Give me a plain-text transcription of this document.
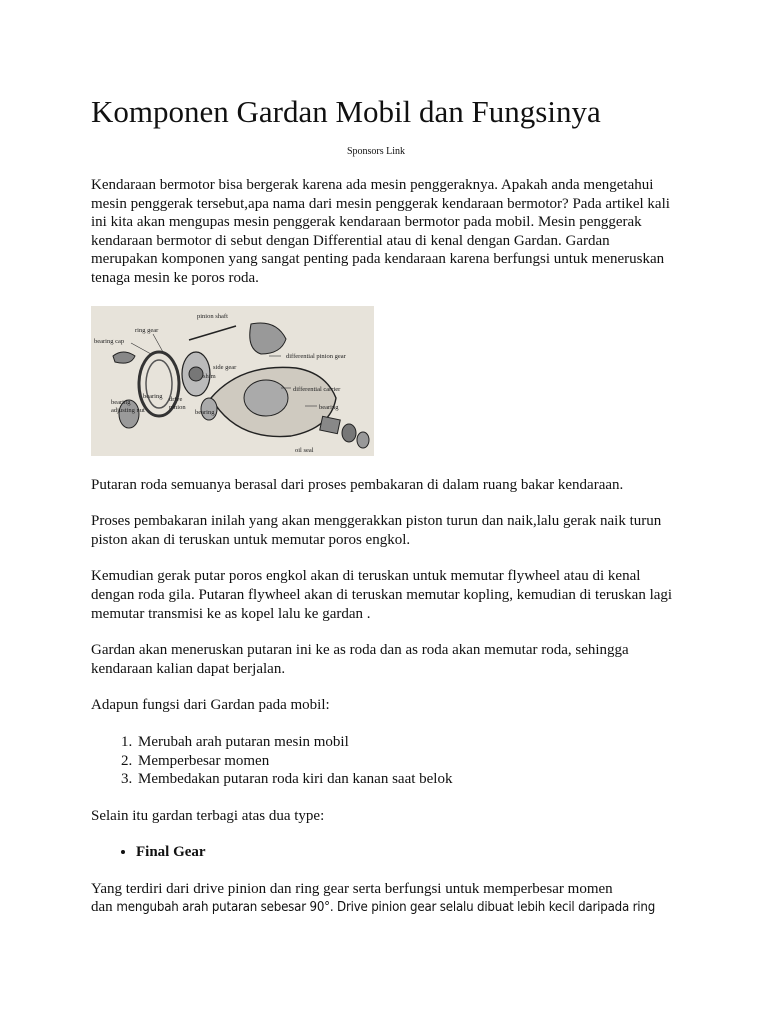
Komponen Gardan Mobil dan Fungsinya
Sponsors Link

Kendaraan bermotor bisa bergerak karena ada mesin penggeraknya. Apakah anda mengetahui mesin penggerak tersebut,apa nama dari mesin penggerak kendaraan bermotor? Pada artikel kali ini kita akan mengupas mesin penggerak kendaraan bermotor pada mobil. Mesin penggerak kendaraan bermotor di sebut dengan Differential atau di kenal dengan Gardan. Gardan merupakan komponen yang sangat penting pada kendaraan karena berfungsi untuk meneruskan tenaga mesin ke poros roda.

pinion shaft
ring gear
bearing cap
differential pinion gear
side gear
shim
differential carrier
bearing drive
pinion
bearing
adjusting nut	bearing
bearing
oil seal

Putaran roda semuanya berasal dari proses pembakaran di dalam ruang bakar kendaraan.

Proses pembakaran inilah yang akan menggerakkan piston turun dan naik,lalu gerak naik turun piston akan di teruskan untuk memutar poros engkol.

Kemudian gerak putar poros engkol akan di teruskan untuk memutar flywheel atau di kenal dengan roda gila. Putaran flywheel akan di teruskan memutar kopling, kemudian di teruskan lagi memutar transmisi ke as kopel lalu ke gardan .

Gardan akan meneruskan putaran ini ke as roda dan as roda akan memutar roda, sehingga kendaraan kalian dapat berjalan.

Adapun fungsi dari Gardan pada mobil:

1. Merubah arah putaran mesin mobil
2. Memperbesar momen
3. Membedakan putaran roda kiri dan kanan saat belok

Selain itu gardan terbagi atas dua type:

• Final Gear

Yang terdiri dari drive pinion dan ring gear serta berfungsi untuk memperbesar momen

dan mengubah arah putaran sebesar 90°. Drive pinion gear selalu dibuat lebih kecil daripada ring
